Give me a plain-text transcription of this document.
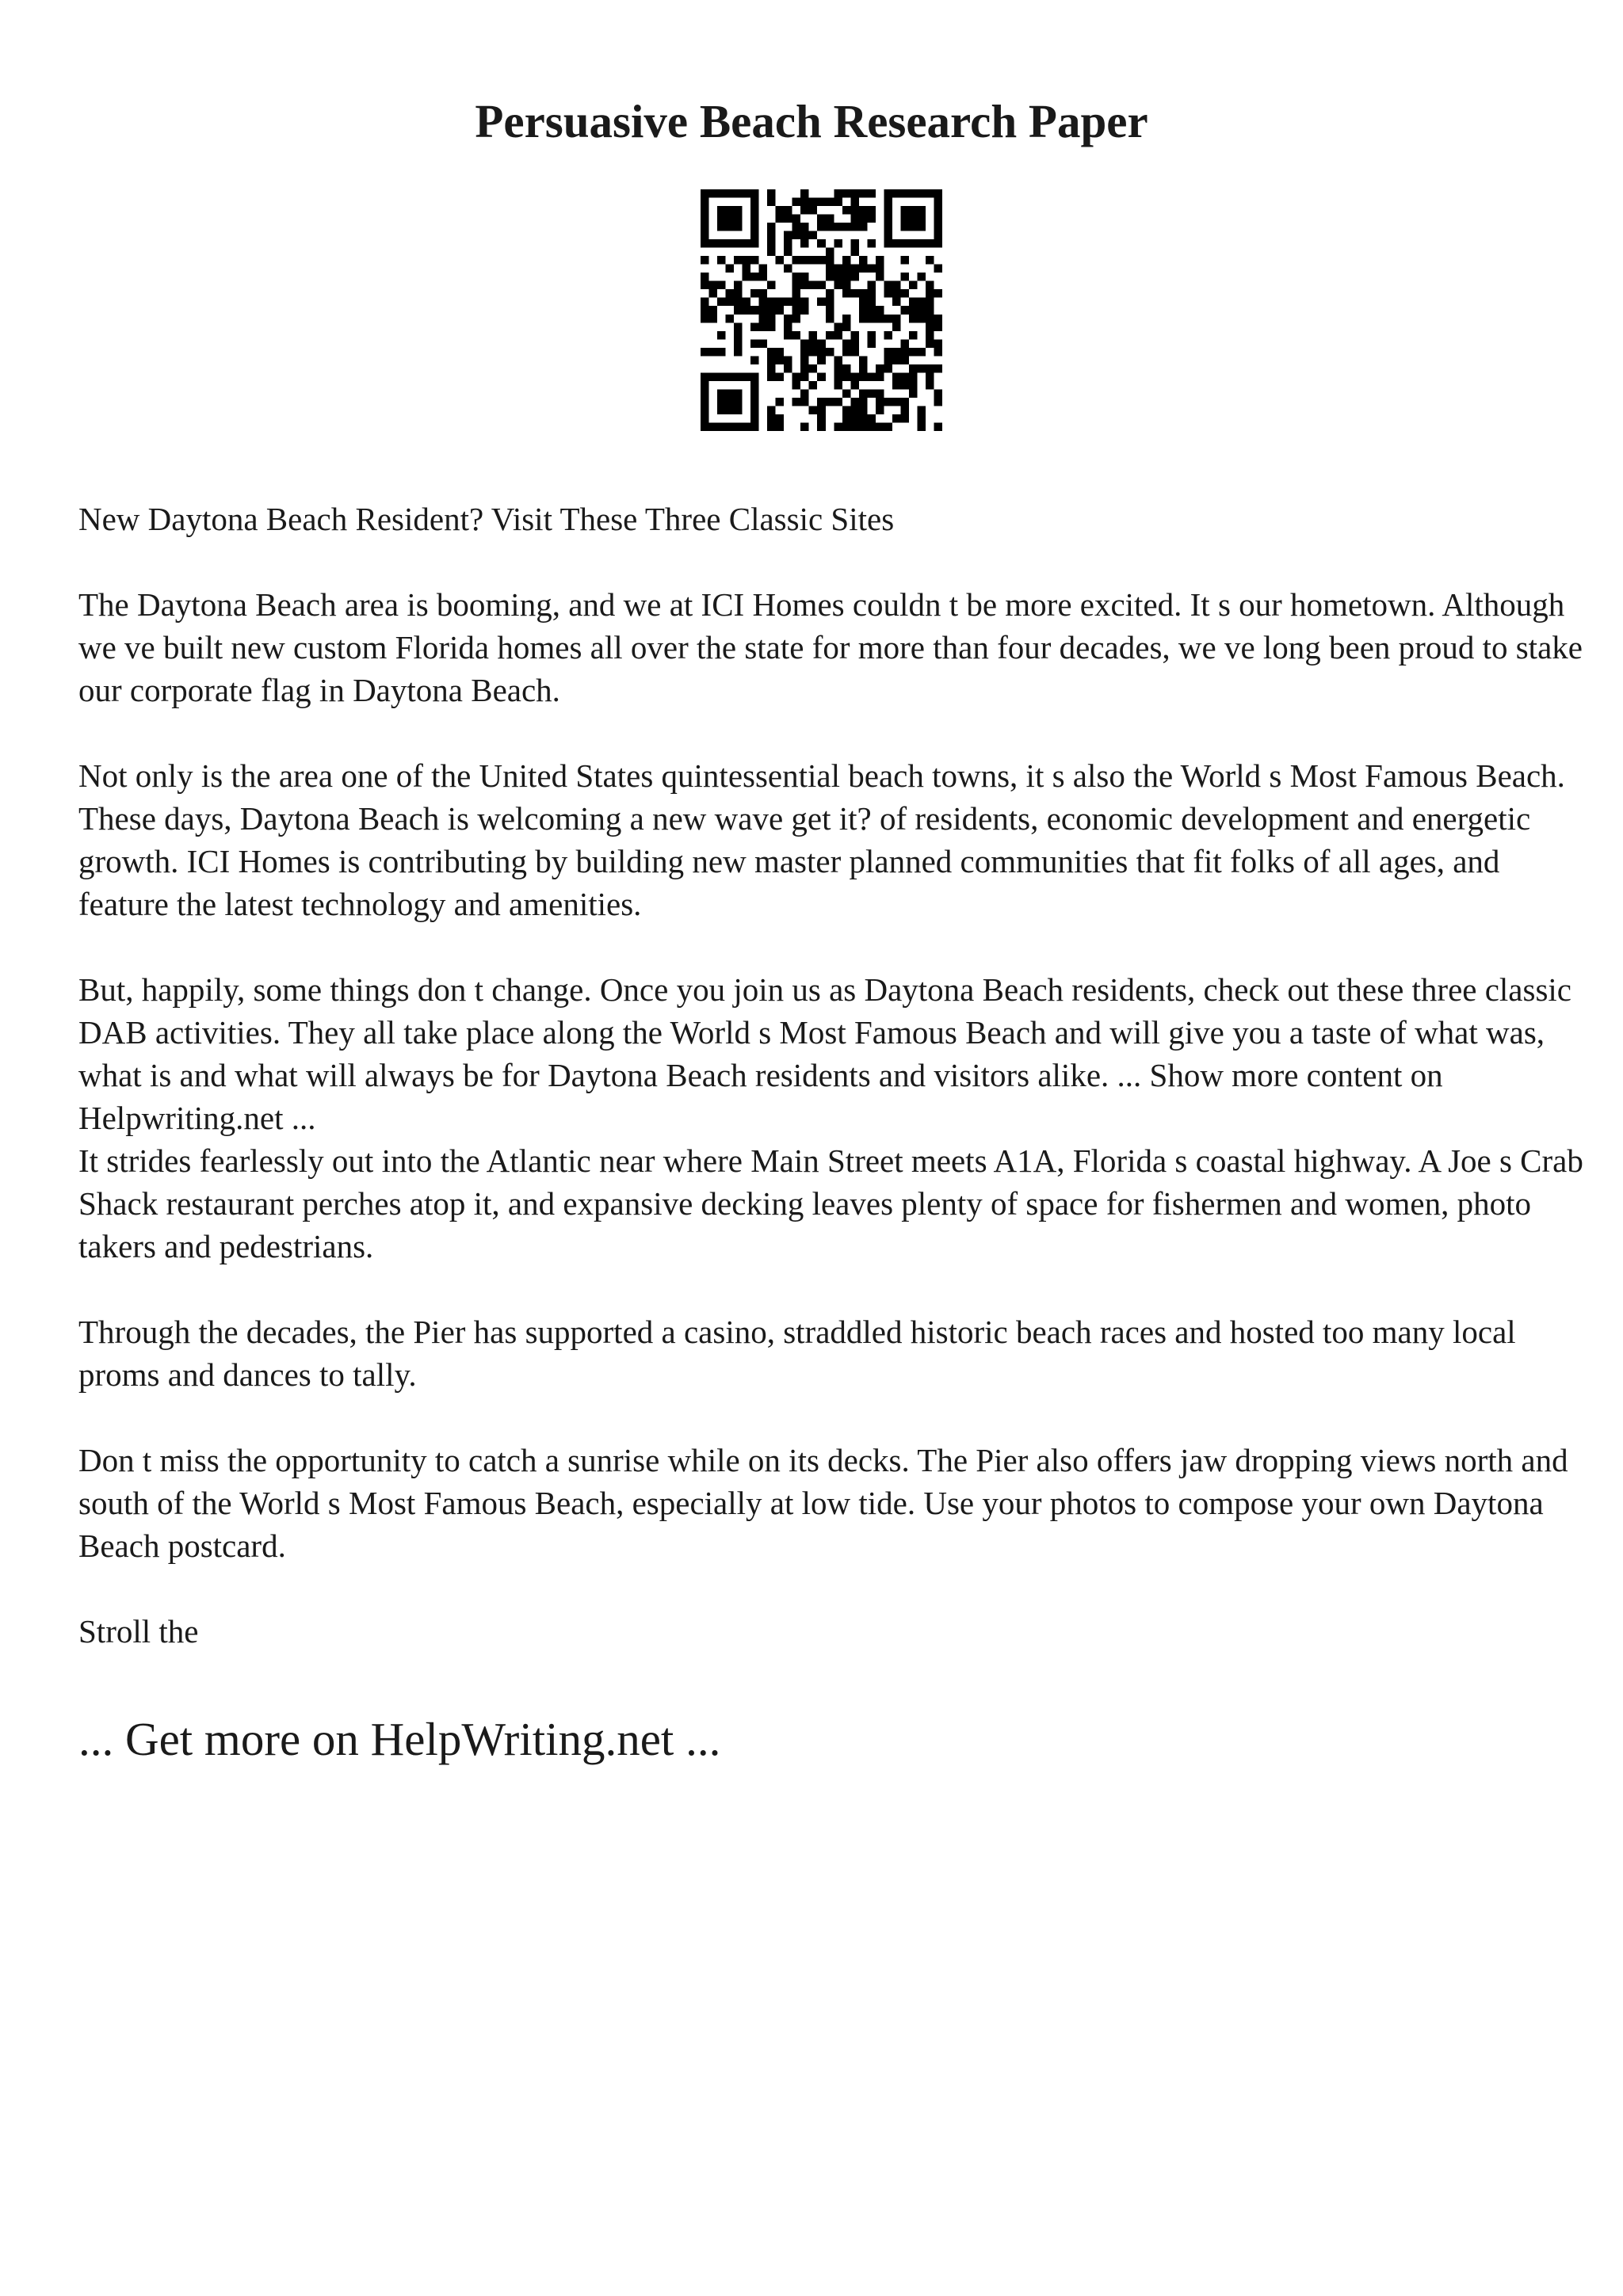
Persuasive Beach Research Paper

New Daytona Beach Resident? Visit These Three Classic Sites

The Daytona Beach area is booming, and we at ICI Homes couldn t be more excited. It s our hometown. Although we ve built new custom Florida homes all over the state for more than four decades, we ve long been proud to stake our corporate flag in Daytona Beach.

Not only is the area one of the United States quintessential beach towns, it s also the World s Most Famous Beach. These days, Daytona Beach is welcoming a new wave get it? of residents, economic development and energetic growth. ICI Homes is contributing by building new master planned communities that fit folks of all ages, and feature the latest technology and amenities.

But, happily, some things don t change. Once you join us as Daytona Beach residents, check out these three classic DAB activities. They all take place along the World s Most Famous Beach and will give you a taste of what was, what is and what will always be for Daytona Beach residents and visitors alike. ... Show more content on Helpwriting.net ...

It strides fearlessly out into the Atlantic near where Main Street meets A1A, Florida s coastal highway. A Joe s Crab Shack restaurant perches atop it, and expansive decking leaves plenty of space for fishermen and women, photo takers and pedestrians.

Through the decades, the Pier has supported a casino, straddled historic beach races and hosted too many local proms and dances to tally.

Don t miss the opportunity to catch a sunrise while on its decks. The Pier also offers jaw dropping views north and south of the World s Most Famous Beach, especially at low tide. Use your photos to compose your own Daytona Beach postcard.

Stroll the

... Get more on HelpWriting.net ...
